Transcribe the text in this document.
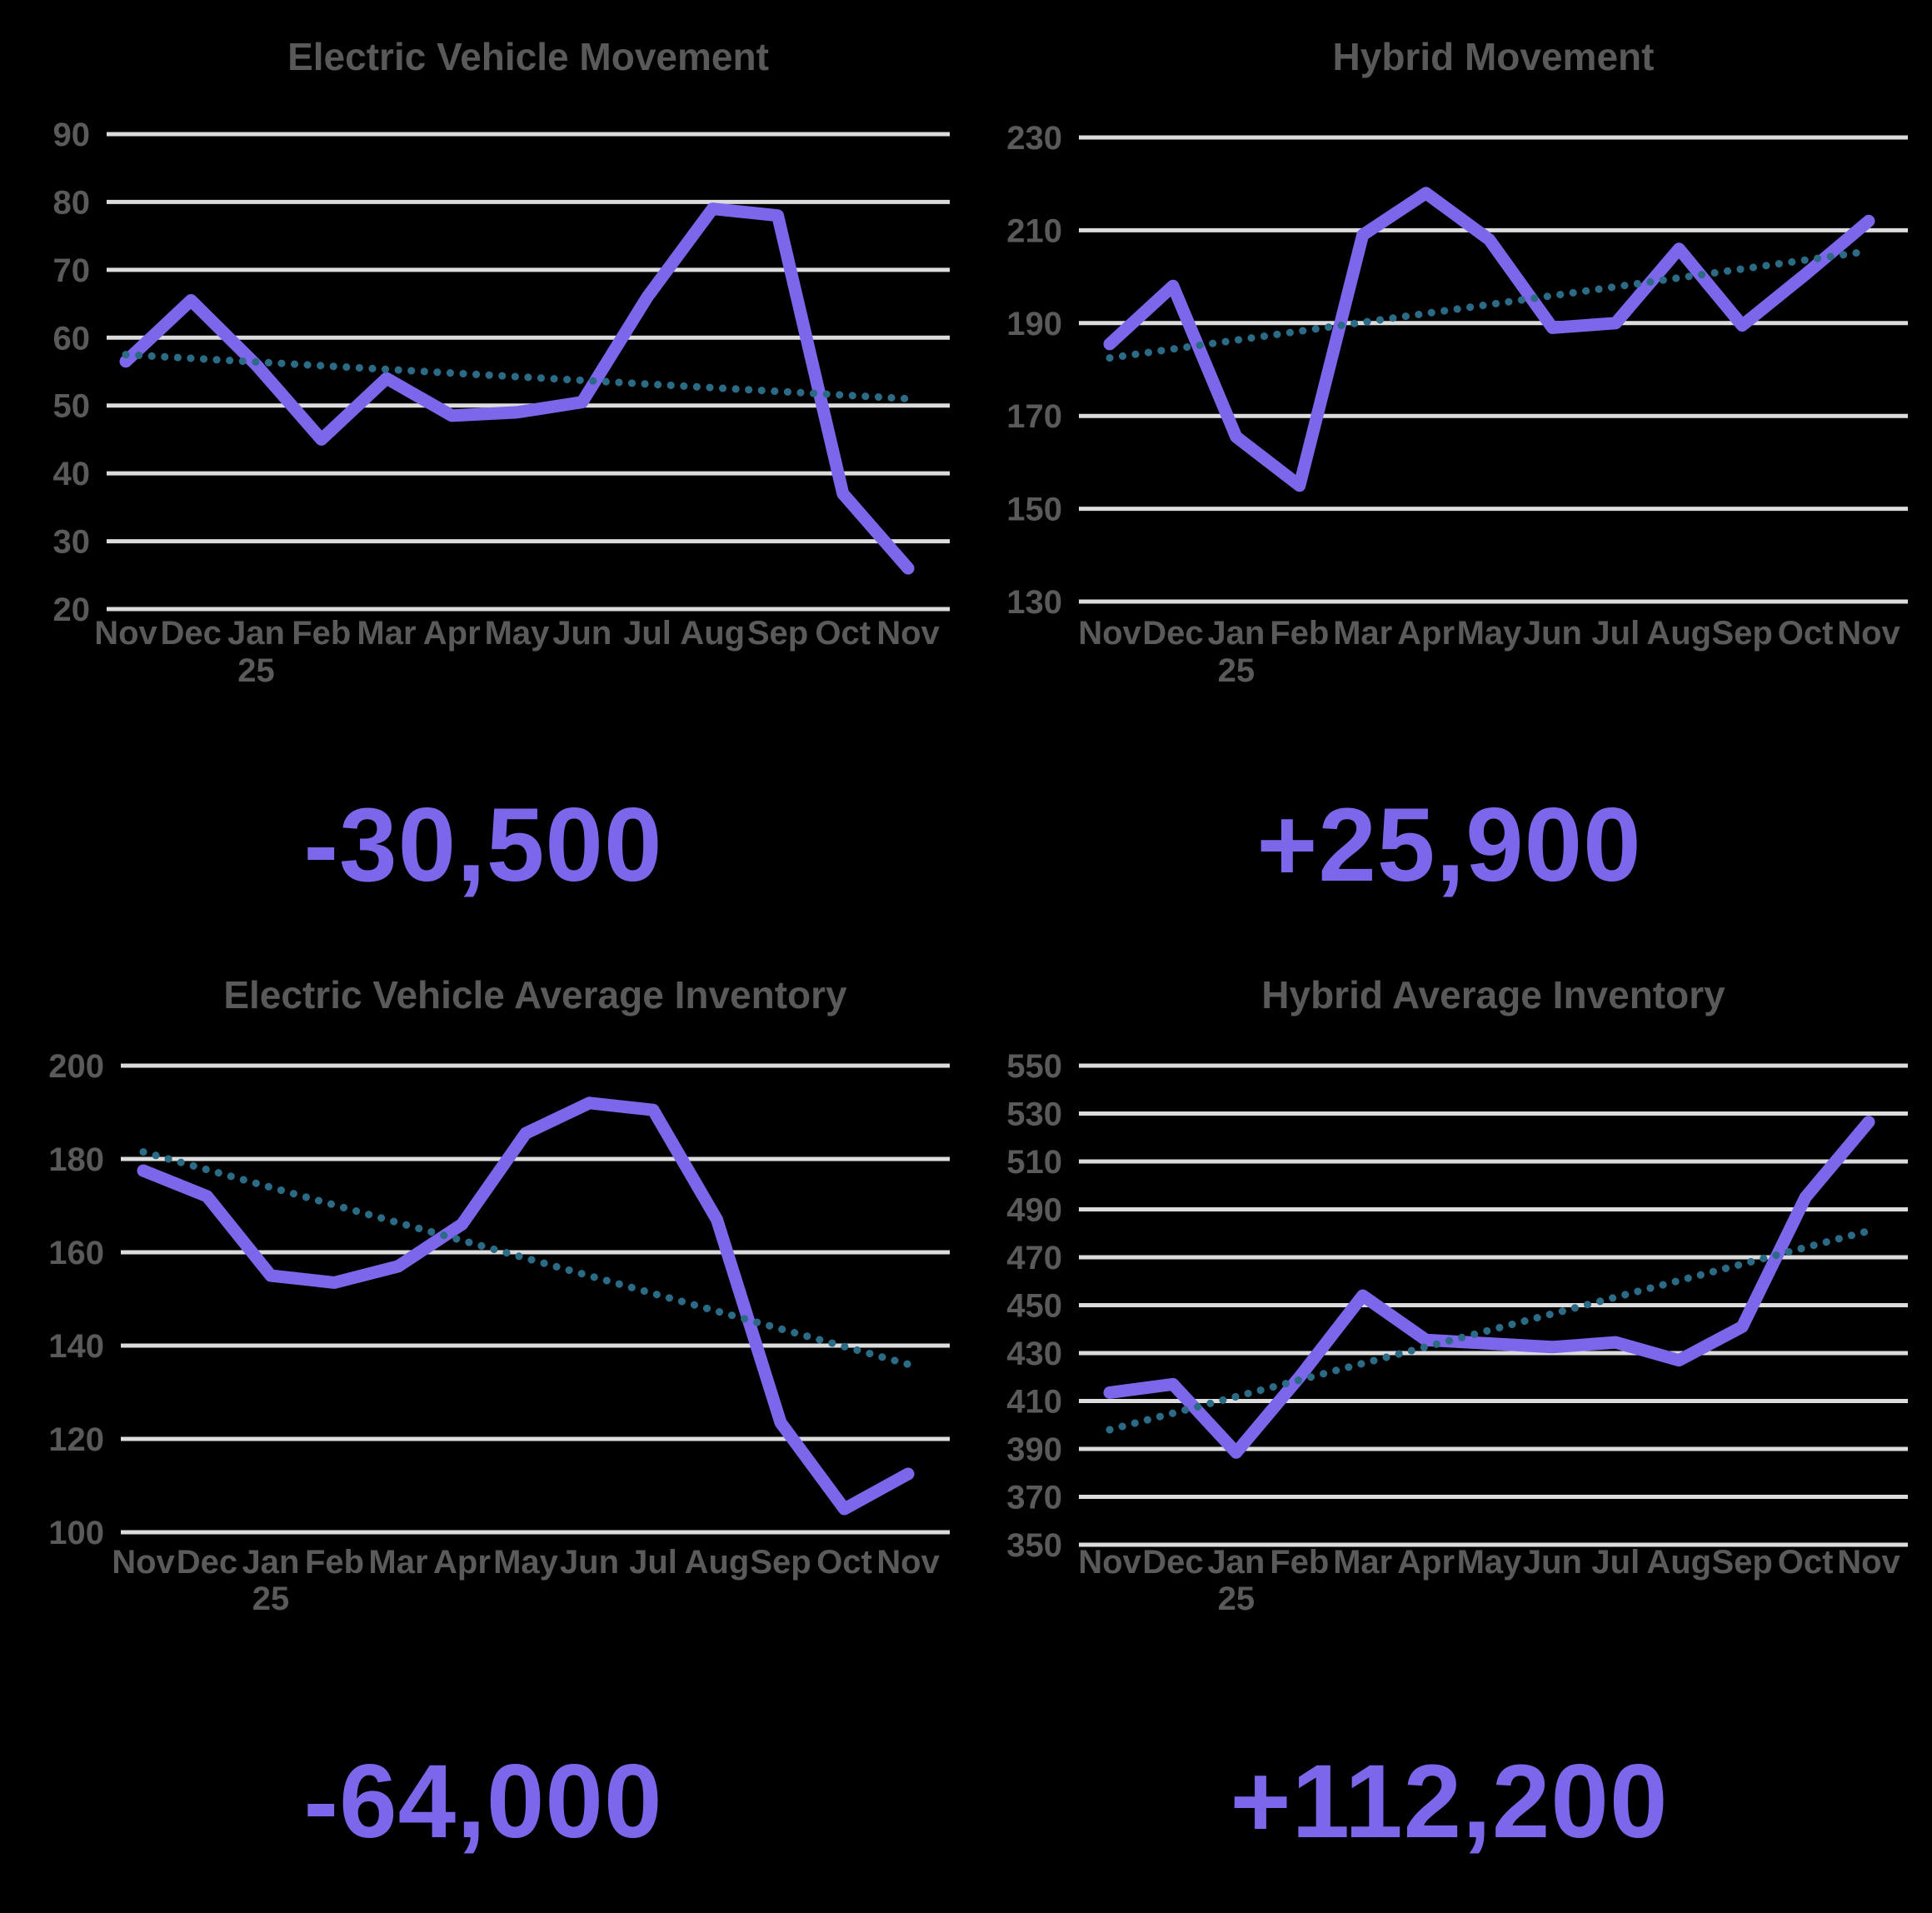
Electric Vehicle Movement
90
80
70
60
50
40
30
20
Nov Dec Jan Feb Mar Apr May Jun Jul Aug Sep Oct Nov
25
Hybrid Movement
230
210
190
170
150
130
Nov Dec Jan Feb Mar Apr May Jun Jul Aug Sep Oct Nov
25
-30,500	+25,900
Electric Vehicle Average Inventory
200
180
160
140
120
100
Nov Dec Jan Feb Mar Apr May Jun Jul Aug Sep Oct Nov
25
Hybrid Average Inventory
550
530
510
490
470
450
430
410
390
370
350 Nov Dec Jan Feb Mar Apr May Jun Jul Aug Sep Oct Nov
25
-64,000	+112,200
